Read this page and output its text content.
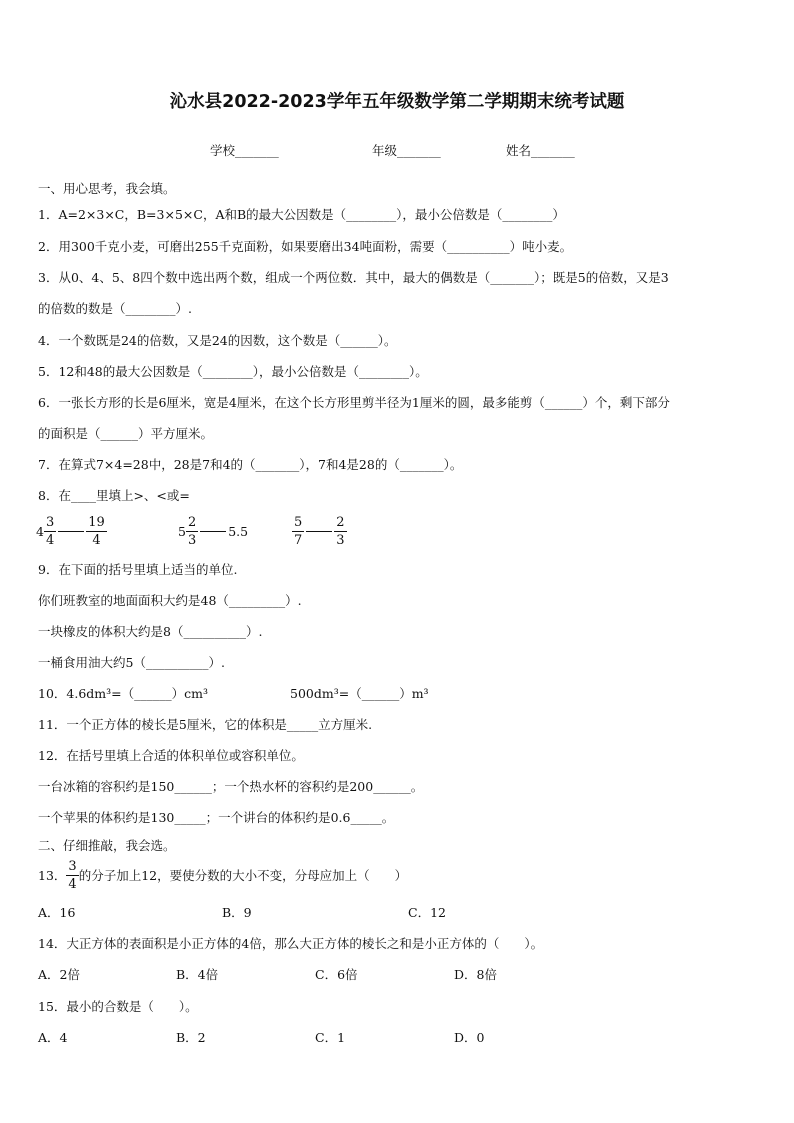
沁水县2022-2023学年五年级数学第二学期期末统考试题
学校_______	年级_______	姓名_______
一、用心思考，我会填。
1．A=2×3×C，B=3×5×C，A和B的最大公因数是（________），最小公倍数是（________）
2．用300千克小麦，可磨出255千克面粉，如果要磨出34吨面粉，需要（__________）吨小麦。
3．从0、4、5、8四个数中选出两个数，组成一个两位数．其中，最大的偶数是（_______）；既是5的倍数，又是3
的倍数的数是（________）.
4．一个数既是24的倍数，又是24的因数，这个数是（______）。
5．12和48的最大公因数是（________），最小公倍数是（________）。
6．一张长方形的长是6厘米，宽是4厘米，在这个长方形里剪半径为1厘米的圆，最多能剪（______）个，剩下部分
的面积是（______）平方厘米。
7．在算式7×4=28中，28是7和4的（_______），7和4是28的（_______）。
8．在____里填上>、<或=
$4 \frac{3}{4} \frac{19}{4}$	$5 \frac{2}{3} 5.5$	$\frac{5}{7} \frac{2}{3}$
9．在下面的括号里填上适当的单位.
你们班教室的地面面积大约是48（_________）.
一块橡皮的体积大约是8（__________）.
一桶食用油大约5（__________）.
10．4.6dm³=（______）cm³	500dm³=（______）m³
11．一个正方体的棱长是5厘米，它的体积是_____立方厘米.
12．在括号里填上合适的体积单位或容积单位。
一台冰箱的容积约是150______；一个热水杯的容积约是200______。
一个苹果的体积约是130_____；一个讲台的体积约是0.6_____。
二、仔细推敲，我会选。
13． $\frac{3}{4}$ 的分子加上12，要使分数的大小不变，分母应加上（　　）
A．16	B．9	C．12
14．大正方体的表面积是小正方体的4倍，那么大正方体的棱长之和是小正方体的（　　）。
A．2倍	B．4倍	C．6倍	D．8倍
15．最小的合数是（　　）。
A．4	B．2	C．1	D．0
